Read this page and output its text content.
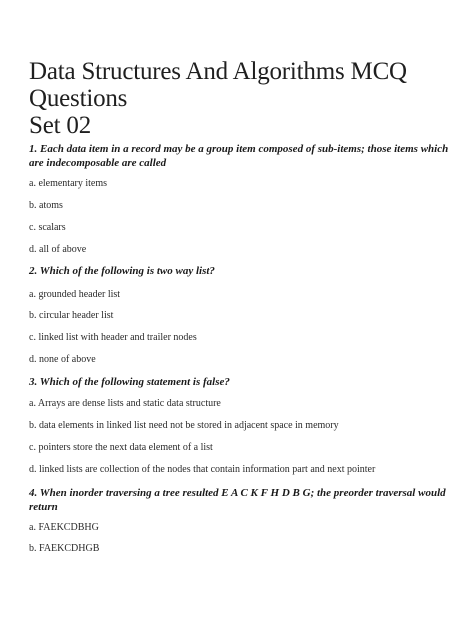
Data Structures And Algorithms MCQ
Questions
Set 02

1. Each data item in a record may be a group item composed of sub-items; those items which are indecomposable are called

a. elementary items

b. atoms

c. scalars

d. all of above

2. Which of the following is two way list?

a. grounded header list

b. circular header list

c. linked list with header and trailer nodes

d. none of above

3. Which of the following statement is false?

a. Arrays are dense lists and static data structure

b. data elements in linked list need not be stored in adjacent space in memory

c. pointers store the next data element of a list

d. linked lists are collection of the nodes that contain information part and next pointer

4. When inorder traversing a tree resulted E A C K F H D B G; the preorder traversal would return

a. FAEKCDBHG

b. FAEKCDHGB
